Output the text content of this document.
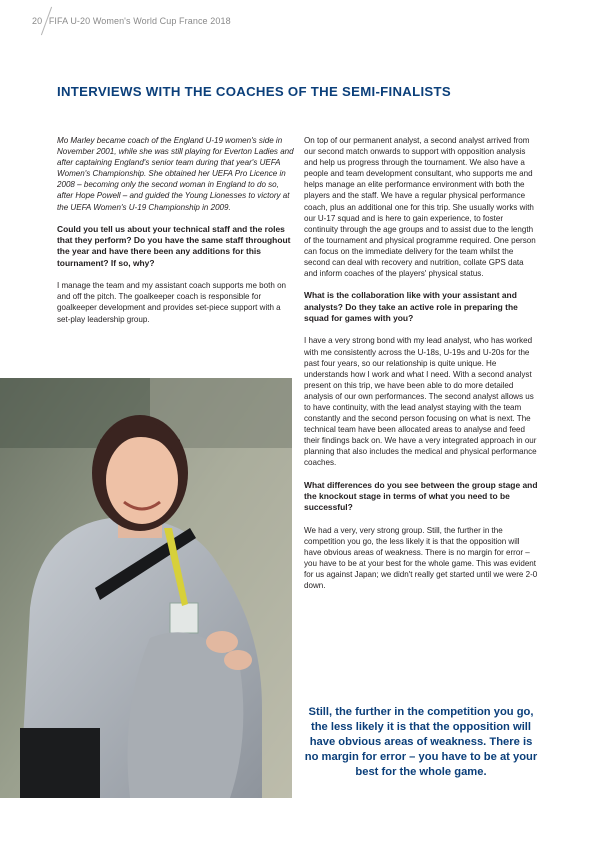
20 FIFA U-20 Women's World Cup France 2018
INTERVIEWS WITH THE COACHES OF THE SEMI-FINALISTS

Mo Marley became coach of the England U-19 women's side in November 2001, while she was still playing for Everton Ladies and after captaining England's senior team during that year's UEFA Women's Championship. She obtained her UEFA Pro Licence in 2008 – becoming only the second woman in England to do so, after Hope Powell – and guided the Young Lionesses to victory at the UEFA Women's U-19 Championship in 2009.

Could you tell us about your technical staff and the roles that they perform? Do you have the same staff throughout the year and have there been any additions for this tournament? If so, why?

I manage the team and my assistant coach supports me both on and off the pitch. The goalkeeper coach is responsible for goalkeeper development and provides set-piece support with a set-play leadership group.

On top of our permanent analyst, a second analyst arrived from our second match onwards to support with opposition analysis and help us progress through the tournament. We also have a people and team development consultant, who supports me and helps manage an elite performance environment with both the players and the staff. We have a regular physical performance coach, plus an additional one for this trip. She usually works with our U-17 squad and is here to gain experience, to foster continuity through the age groups and to assist due to the length of the tournament and physical programme required. One person can focus on the immediate delivery for the team whilst the second can deal with recovery and nutrition, collate GPS data and inform coaches of the players' physical status.

What is the collaboration like with your assistant and analysts? Do they take an active role in preparing the squad for games with you?

I have a very strong bond with my lead analyst, who has worked with me consistently across the U-18s, U-19s and U-20s for the past four years, so our relationship is quite unique. He understands how I work and what I need. With a second analyst present on this trip, we have been able to do more detailed analysis of our own performances. The second analyst allows us to have continuity, with the lead analyst staying with the team constantly and the second person focusing on what is next. The technical team have been allocated areas to analyse and feed their findings back on. We have a very integrated approach in our planning that also includes the medical and physical performance coaches.

What differences do you see between the group stage and the knockout stage in terms of what you need to be successful?

We had a very, very strong group. Still, the further in the competition you go, the less likely it is that the opposition will have obvious areas of weakness. There is no margin for error – you have to be at your best for the whole game. This was evident for us against Japan; we didn't really get started until we were 2-0 down.

Still, the further in the competition you go, the less likely it is that the opposition will have obvious areas of weakness. There is no margin for error – you have to be at your best for the whole game.
